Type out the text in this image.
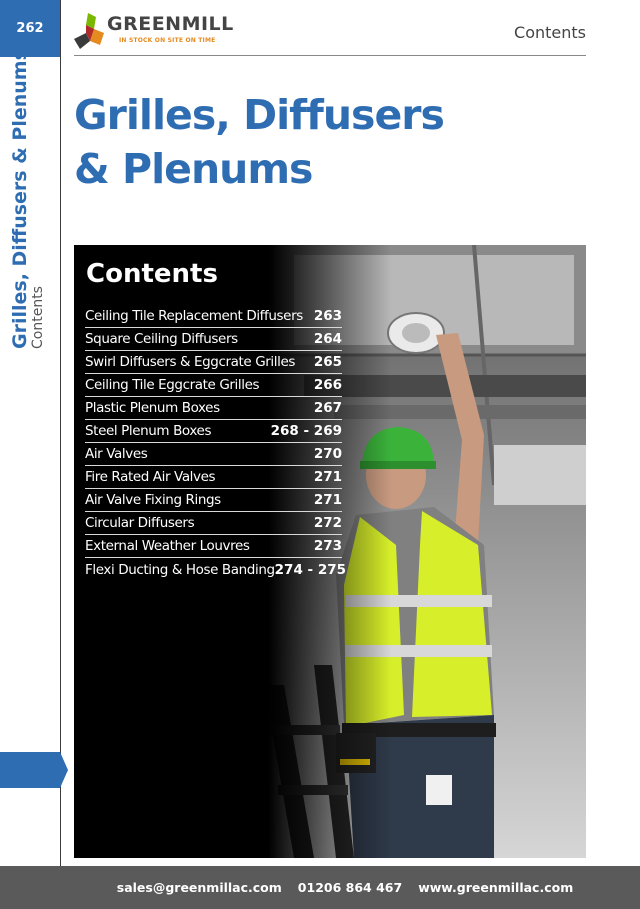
262
Grilles, Diffusers & Plenums Contents
GREENMILL
IN STOCK ON SITE ON TIME	Contents
Grilles, Diffusers
& Plenums
Contents
Ceiling Tile Replacement Diffusers 263
Square Ceiling Diffusers	264
Swirl Diffusers & Eggcrate Grilles 265
Ceiling Tile Eggcrate Grilles	266
Plastic Plenum Boxes	267
Steel Plenum Boxes	268 - 269
Air Valves	270
Fire Rated Air Valves	271
Air Valve Fixing Rings	271
Circular Diffusers	272
External Weather Louvres	273
Flexi Ducting & Hose Banding 274 - 275
sales@greenmillac.com 01206 864 467 www.greenmillac.com
